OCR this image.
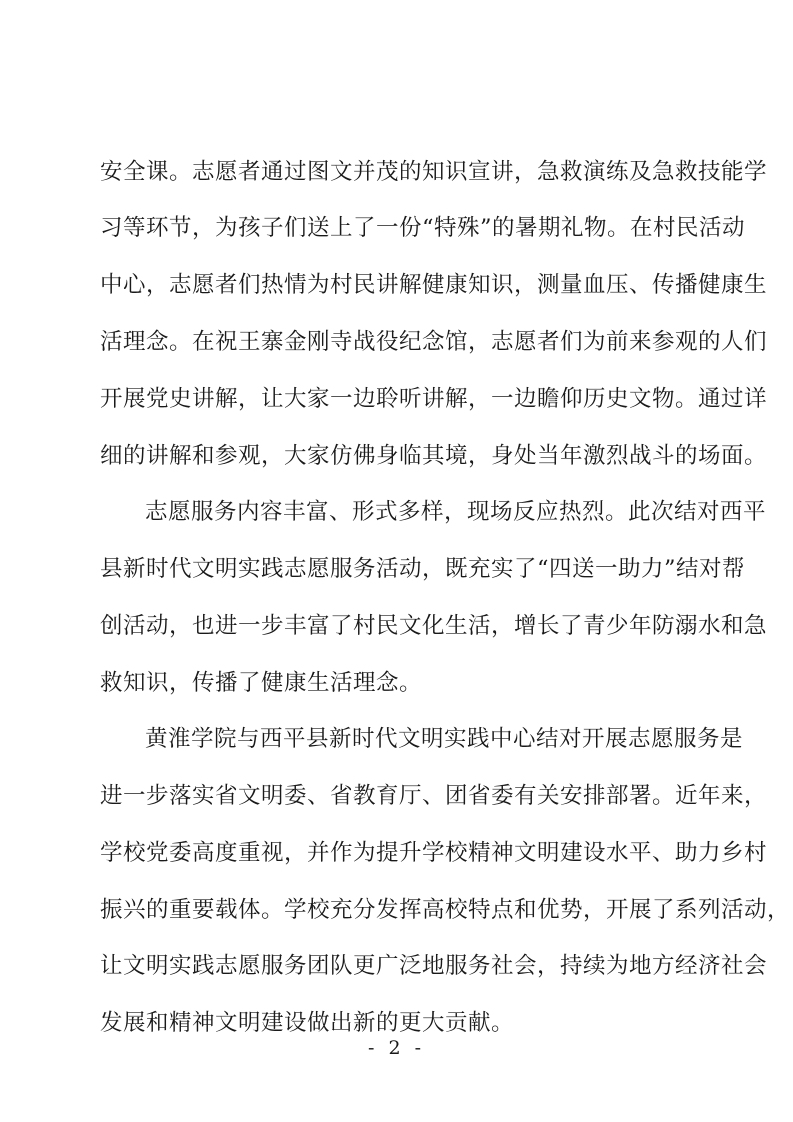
安全课。志愿者通过图文并茂的知识宣讲，急救演练及急救技能学
习等环节，为孩子们送上了一份“特殊”的暑期礼物。在村民活动
中心，志愿者们热情为村民讲解健康知识，测量血压、传播健康生
活理念。在祝王寨金刚寺战役纪念馆，志愿者们为前来参观的人们
开展党史讲解，让大家一边聆听讲解，一边瞻仰历史文物。通过详
细的讲解和参观，大家仿佛身临其境，身处当年激烈战斗的场面。
志愿服务内容丰富、形式多样，现场反应热烈。此次结对西平
县新时代文明实践志愿服务活动，既充实了“四送一助力”结对帮
创活动，也进一步丰富了村民文化生活，增长了青少年防溺水和急
救知识，传播了健康生活理念。
黄淮学院与西平县新时代文明实践中心结对开展志愿服务是
进一步落实省文明委、省教育厅、团省委有关安排部署。近年来，
学校党委高度重视，并作为提升学校精神文明建设水平、助力乡村
振兴的重要载体。学校充分发挥高校特点和优势，开展了系列活动，
让文明实践志愿服务团队更广泛地服务社会，持续为地方经济社会
发展和精神文明建设做出新的更大贡献。
- 2 -
